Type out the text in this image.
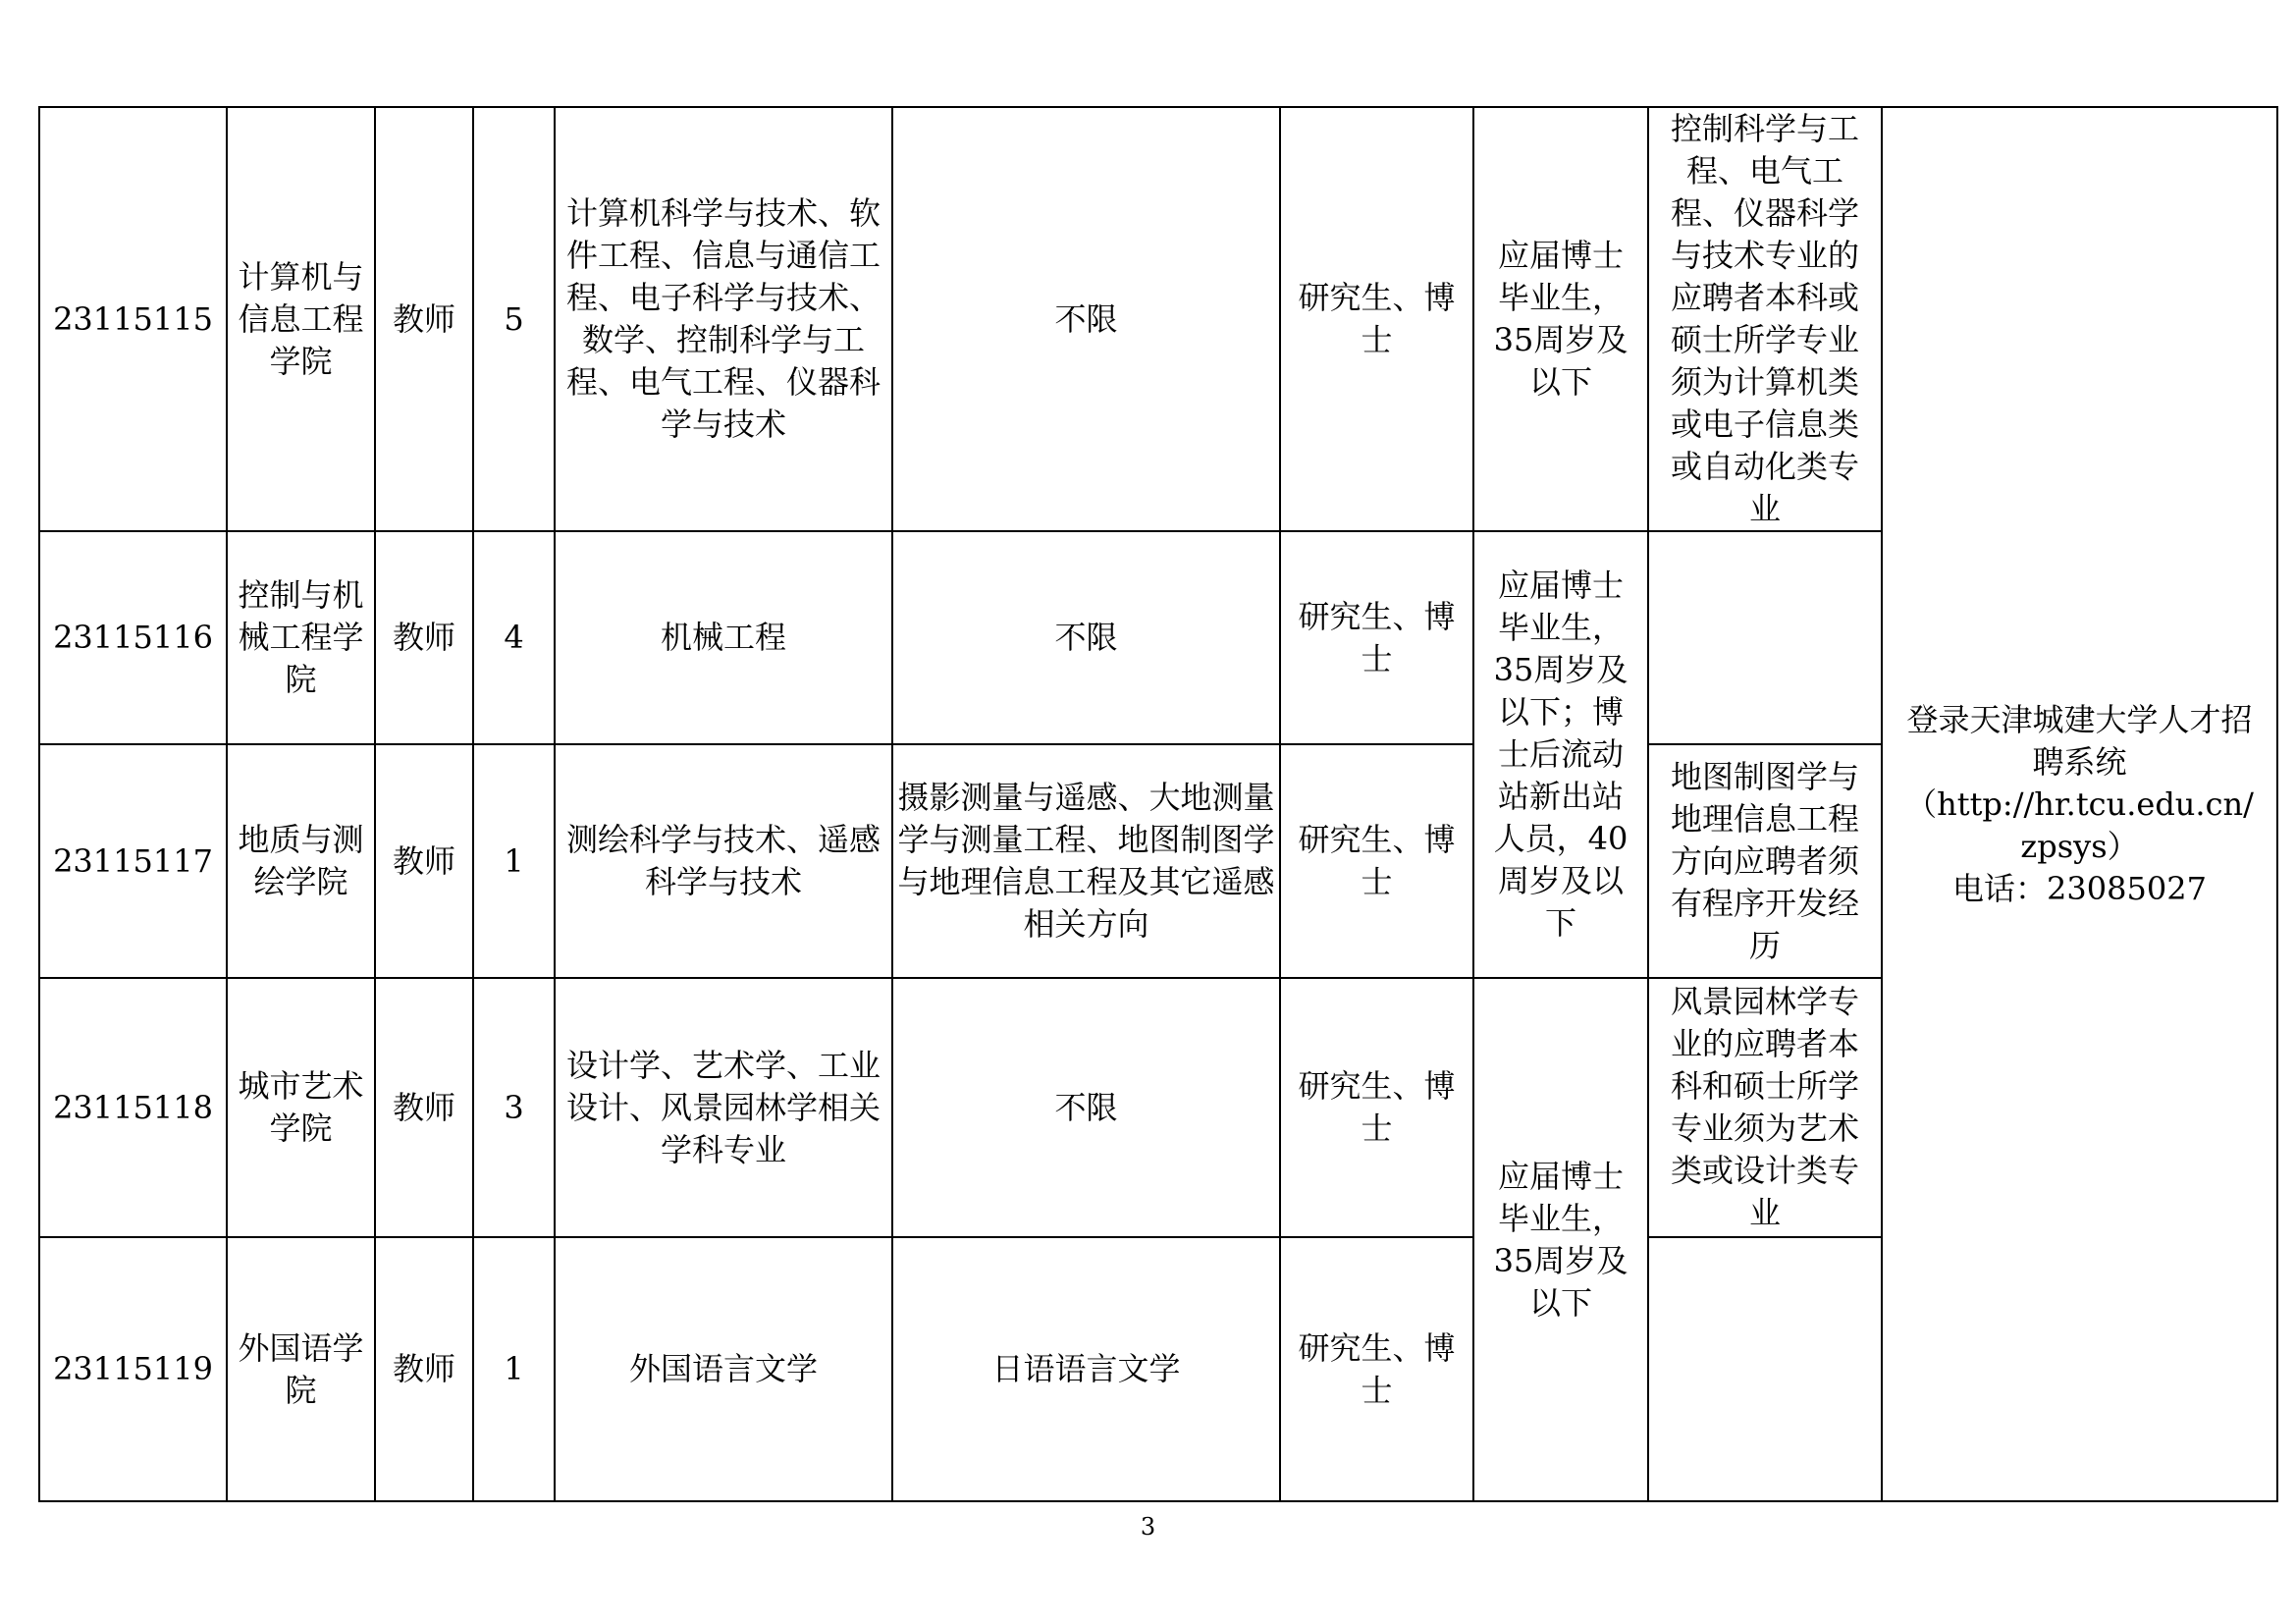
23115115	计算机与信息工程学院	教师	5	计算机科学与技术、软件工程、信息与通信工程、电子科学与技术、数学、控制科学与工程、电气工程、仪器科学与技术	不限	研究生、博士	应届博士毕业生，35周岁及以下	控制科学与工程、电气工程、仪器科学与技术专业的应聘者本科或硕士所学专业须为计算机类或电子信息类或自动化类专业	登录天津城建大学人才招聘系统
（http://hr.tcu.edu.cn/zpsys）
电话：23085027

23115116	控制与机械工程学院	教师	4	机械工程	不限	研究生、博士	应届博士毕业生，35周岁及以下；博士后流动站新出站人员，40周岁及以下		
23115117	地质与测绘学院	教师	1	测绘科学与技术、遥感科学与技术	摄影测量与遥感、大地测量学与测量工程、地图制图学与地理信息工程及其它遥感相关方向	研究生、博士		地图制图学与地理信息工程方向应聘者须有程序开发经历	
23115118	城市艺术学院	教师	3	设计学、艺术学、工业设计、风景园林学相关学科专业	不限	研究生、博士	应届博士毕业生，35周岁及以下	风景园林学专业的应聘者本科和硕士所学专业须为艺术类或设计类专业	
23115119	外国语学院	教师	1	外国语言文学	日语语言文学	研究生、博士			
3
